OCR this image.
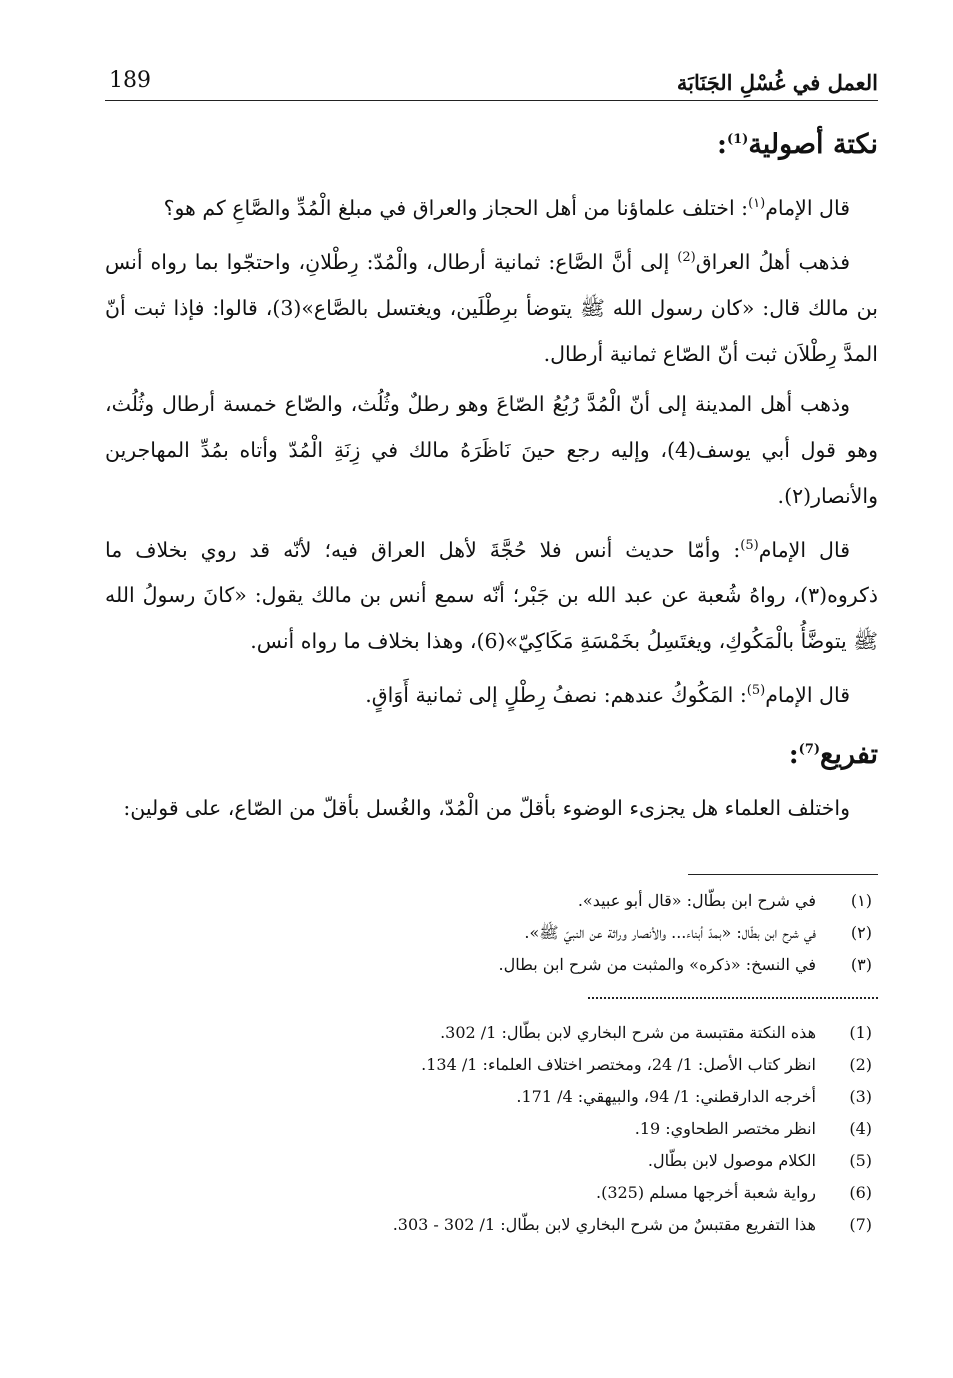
العمل في غُسْلِ الجَنَابَة
189
نكتة أصولية$^{(1)}$:

قال الإمام$^{(١)}$: اختلف علماؤنا من أهل الحجاز والعراق في مبلغ الْمُدِّ والصَّاعِ كم هو؟

فذهب أهلُ العراق$^{(2)}$ إلى أنَّ الصَّاع: ثمانية أرطال، والْمُدّ: رِطْلانِ، واحتجّوا بما رواه أنس بن مالك قال: «كان رسول الله ﷺ يتوضأ برِطْلَين، ويغتسل بالصَّاع»(3)، قالوا: فإذا ثبت أنّ المدَّ رِطْلاَن ثبت أنّ الصّاع ثمانية أرطال.

وذهب أهل المدينة إلى أنّ الْمُدَّ رُبُعُ الصّاعَ وهو رطلٌ وثُلُث، والصّاع خمسة أرطال وثُلُث، وهو قول أبي يوسف(4)، وإليه رجع حينَ نَاظَرَهُ مالك في زِنَةِ الْمُدّ وأتاه بمُدِّ المهاجرين والأنصار(٢).

قال الإمام$^{(5)}$: وأمّا حديث أنس فلا حُجَّةَ لأهل العراق فيه؛ لأنّه قد روي بخلاف ما ذكروه(٣)، رواهُ شُعبة عن عبد الله بن جَبْر؛ أنّه سمع أنس بن مالك يقول: «كانَ رسولُ الله ﷺ يتوضَّأُ بالْمَكُوكِ، ويغتَسِلُ بخَمْسَةِ مَكَاكِيّ»(6)، وهذا بخلاف ما رواه أنس.

قال الإمام$^{(5)}$: المَكُوكُ عندهم: نصفُ رِطْلٍ إلى ثمانية أَوَاقٍ.

تفريع$^{(7)}$:

واختلف العلماء هل يجزىء الوضوء بأقلّ من الْمُدّ، والغُسل بأقلّ من الصّاع، على قولين:

(١)
في شرح ابن بطّال: «قال أبو عبيد».
(٢)
في شرح ابن بطّال: «بمدّ أبناء... والأنصار وراثة عن النبيّ ﷺ».
(٣)
في النسخ: «ذكره» والمثبت من شرح ابن بطال.
(1)
هذه النكتة مقتبسة من شرح البخاري لابن بطّال: 1/ 302.
(2)
انظر كتاب الأصل: 1/ 24، ومختصر اختلاف العلماء: 1/ 134.
(3)
أخرجه الدارقطني: 1/ 94، والبيهقي: 4/ 171.
(4)
انظر مختصر الطحاوي: 19.
(5)
الكلام موصول لابن بطّال.
(6)
رواية شعبة أخرجها مسلم (325).
(7)
هذا التفريع مقتبسٌ من شرح البخاري لابن بطّال: 1/ 302 - 303.
